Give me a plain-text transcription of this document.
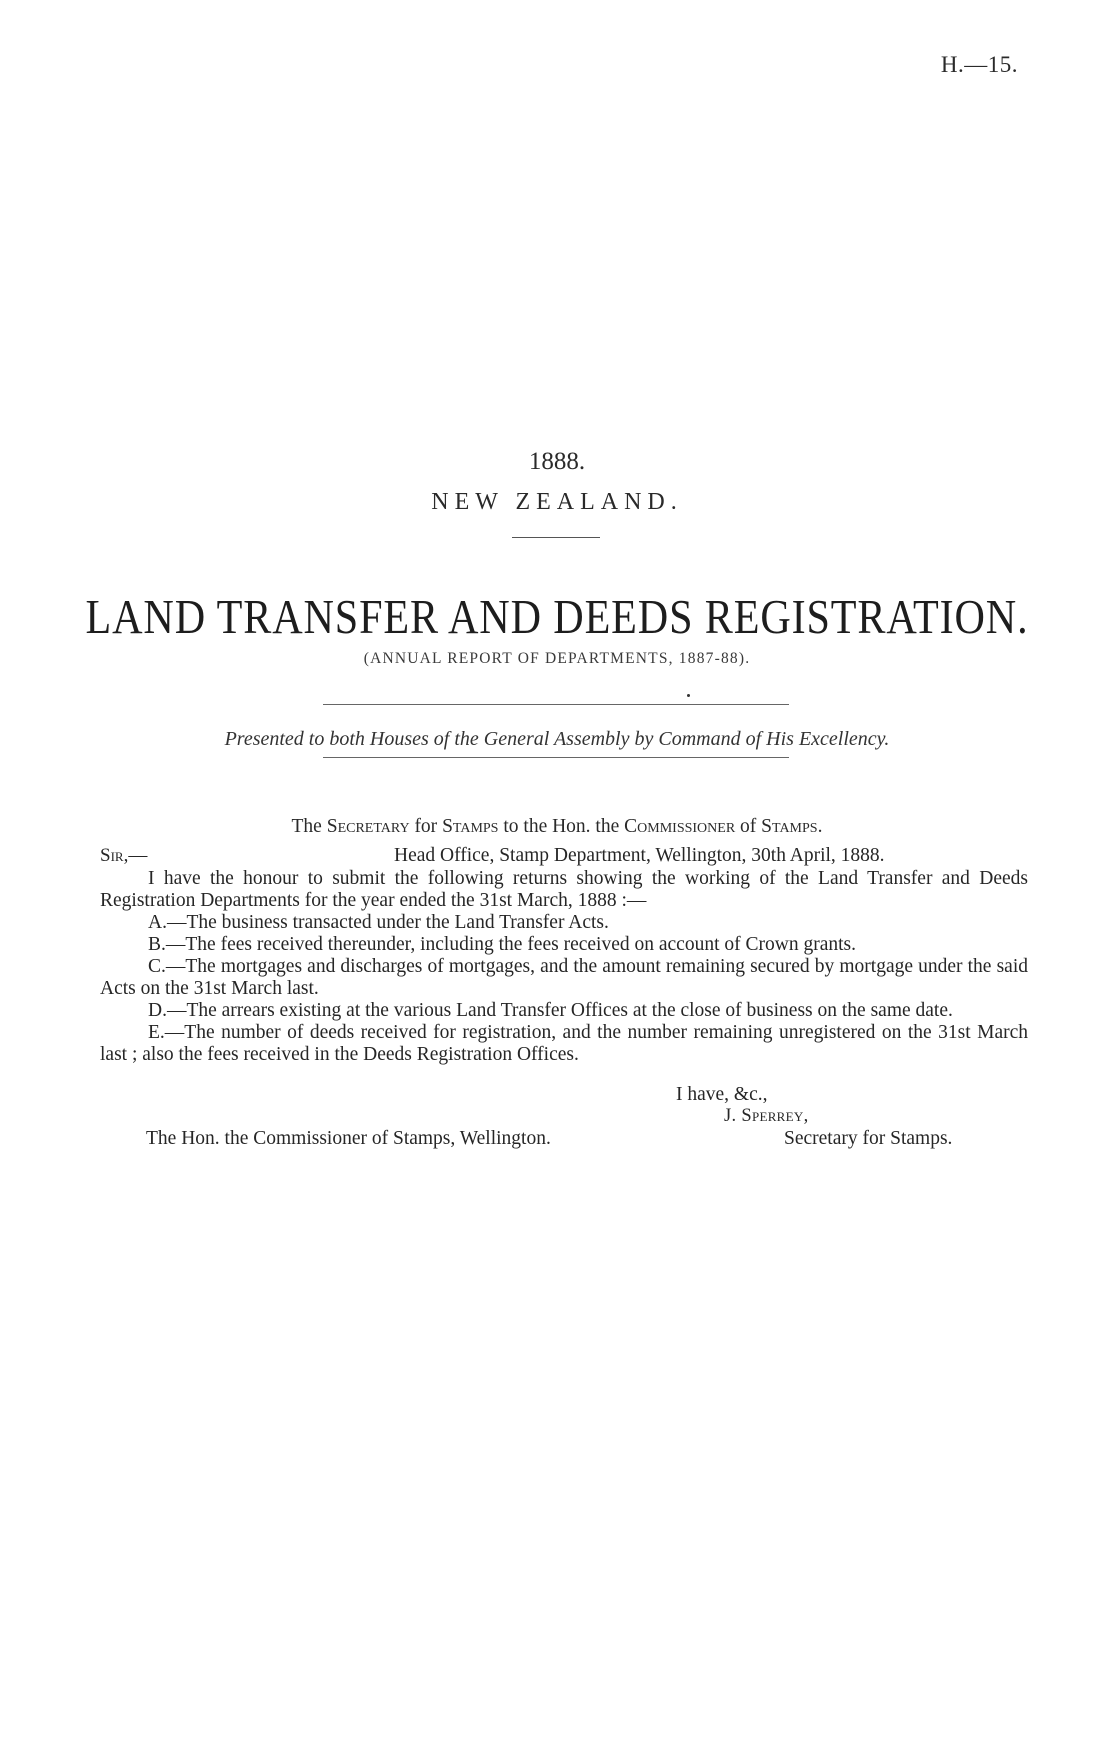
H.—15.
1888.
NEW ZEALAND.
LAND TRANSFER AND DEEDS REGISTRATION.
(ANNUAL REPORT OF DEPARTMENTS, 1887-88).
Presented to both Houses of the General Assembly by Command of His Excellency.
The Secretary for Stamps to the Hon. the Commissioner of Stamps.
Sir,—	Head Office, Stamp Department, Wellington, 30th April, 1888.

I have the honour to submit the following returns showing the working of the Land Transfer and Deeds Registration Departments for the year ended the 31st March, 1888 :—

A.—The business transacted under the Land Transfer Acts.

B.—The fees received thereunder, including the fees received on account of Crown grants.

C.—The mortgages and discharges of mortgages, and the amount remaining secured by mortgage under the said Acts on the 31st March last.

D.—The arrears existing at the various Land Transfer Offices at the close of business on the same date.

E.—The number of deeds received for registration, and the number remaining unregistered on the 31st March last ; also the fees received in the Deeds Registration Offices.

I have, &c.,
J. Sperrey,
The Hon. the Commissioner of Stamps, Wellington.	Secretary for Stamps.
